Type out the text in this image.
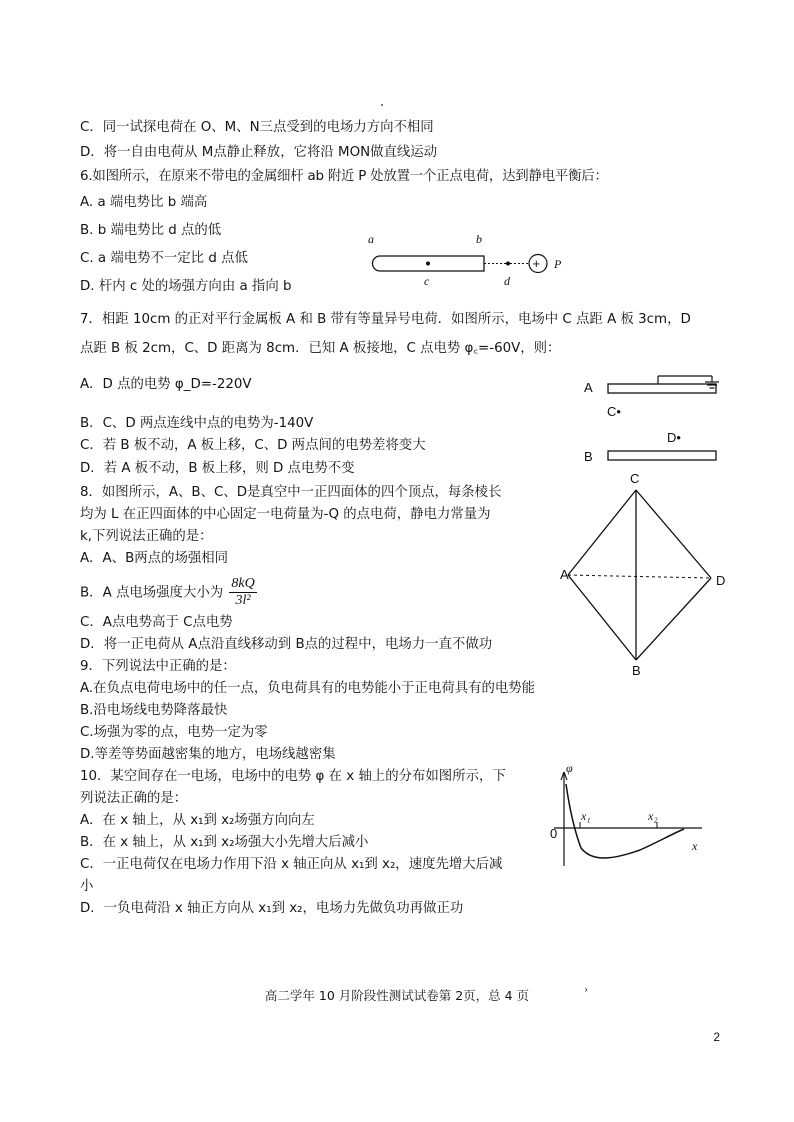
C．同一试探电荷在 O、M、N三点受到的电场力方向不相同
D．将一自由电荷从 M点静止释放，它将沿 MON做直线运动
6.如图所示，在原来不带电的金属细杆 ab 附近 P 处放置一个正点电荷，达到静电平衡后：
A. a 端电势比 b 端高
B. b 端电势比 d 点的低
C. a 端电势不一定比 d 点低
D. 杆内 c 处的场强方向由 a 指向 b
a	b
+ P
c	d
7．相距 10cm 的正对平行金属板 A 和 B 带有等量异号电荷．如图所示，电场中 C 点距 A 板 3cm，D
点距 B 板 2cm，C、D 距离为 8cm．已知 A 板接地，C 点电势 φ꜀=-60V，则：
A．D 点的电势 φ_D=-220V
B．C、D 两点连线中点的电势为-140V
C．若 B 板不动，A 板上移，C、D 两点间的电势差将变大
D．若 A 板不动，B 板上移，则 D 点电势不变
A
C•
D•
B
8．如图所示，A、B、C、D是真空中一正四面体的四个顶点，每条棱长
均为 L 在正四面体的中心固定一电荷量为-Q 的点电荷，静电力常量为
k,下列说法正确的是：
A．A、B两点的场强相同
B．A 点电场强度大小为 $\frac{8kQ}{\text{3l²}}$
C．A点电势高于 C点电势
D．将一正电荷从 A点沿直线移动到 B点的过程中，电场力一直不做功
C
A	D
B
9．下列说法中正确的是：
A.在负点电荷电场中的任一点，负电荷具有的电势能小于正电荷具有的电势能
B.沿电场线电势降落最快
C.场强为零的点，电势一定为零
D.等差等势面越密集的地方，电场线越密集
10．某空间存在一电场，电场中的电势 φ 在 x 轴上的分布如图所示，下
列说法正确的是：
A．在 x 轴上，从 x₁到 x₂场强方向向左
B．在 x 轴上，从 x₁到 x₂场强大小先增大后减小
C．一正电荷仅在电场力作用下沿 x 轴正向从 x₁到 x₂，速度先增大后减
小
D．一负电荷沿 x 轴正方向从 x₁到 x₂，电场力先做负功再做正功
φ
0
x₁	x₂
x
高二学年 10 月阶段性测试试卷第 2页，总 4 页	›
2
